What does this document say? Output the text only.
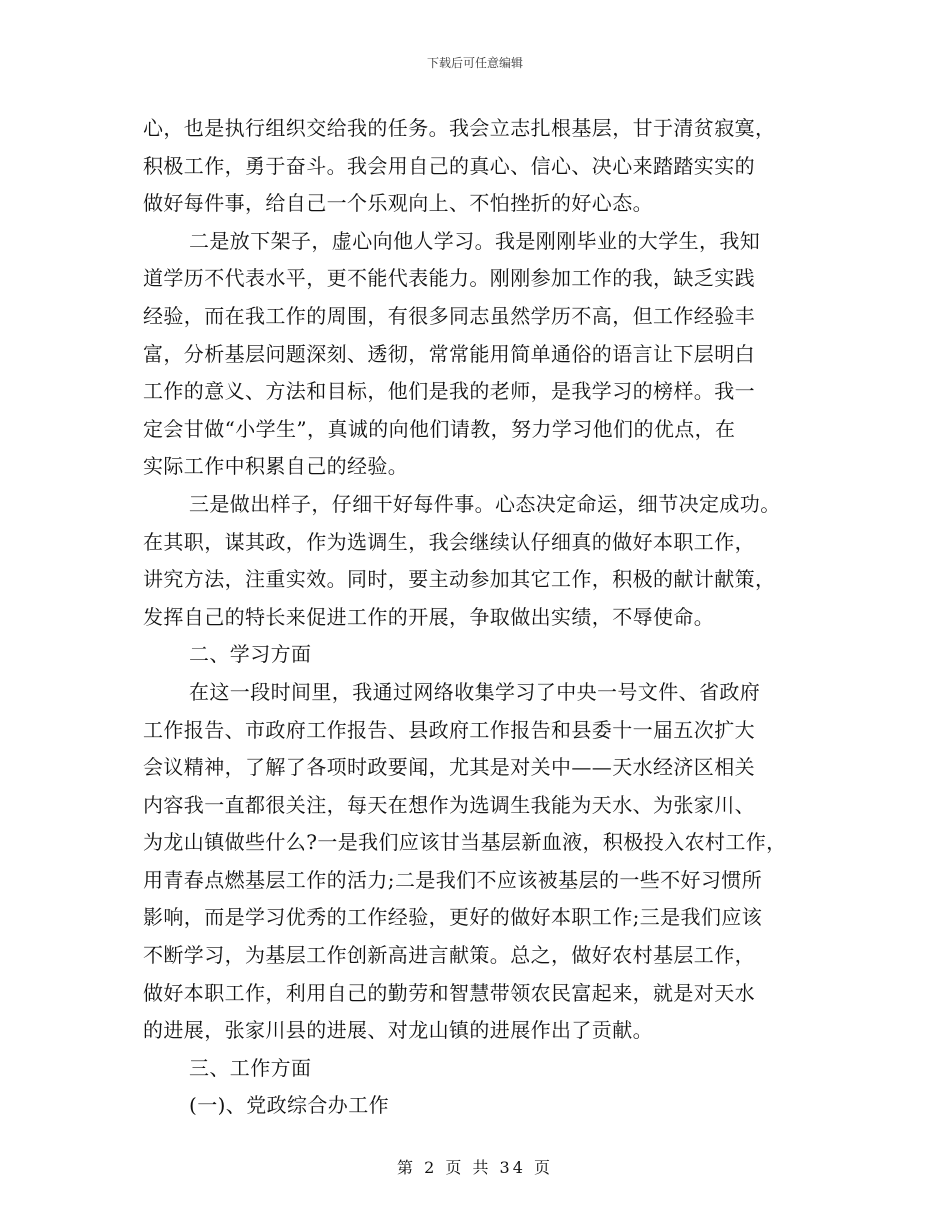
下载后可任意编辑
心，也是执行组织交给我的任务。我会立志扎根基层，甘于清贫寂寞，
积极工作，勇于奋斗。我会用自己的真心、信心、决心来踏踏实实的
做好每件事，给自己一个乐观向上、不怕挫折的好心态。
二是放下架子，虚心向他人学习。我是刚刚毕业的大学生，我知
道学历不代表水平，更不能代表能力。刚刚参加工作的我，缺乏实践
经验，而在我工作的周围，有很多同志虽然学历不高，但工作经验丰
富，分析基层问题深刻、透彻，常常能用简单通俗的语言让下层明白
工作的意义、方法和目标，他们是我的老师，是我学习的榜样。我一
定会甘做“小学生”，真诚的向他们请教，努力学习他们的优点，在
实际工作中积累自己的经验。
三是做出样子，仔细干好每件事。心态决定命运，细节决定成功。
在其职，谋其政，作为选调生，我会继续认仔细真的做好本职工作，
讲究方法，注重实效。同时，要主动参加其它工作，积极的献计献策，
发挥自己的特长来促进工作的开展，争取做出实绩，不辱使命。
二、学习方面
在这一段时间里，我通过网络收集学习了中央一号文件、省政府
工作报告、市政府工作报告、县政府工作报告和县委十一届五次扩大
会议精神，了解了各项时政要闻，尤其是对关中——天水经济区相关
内容我一直都很关注，每天在想作为选调生我能为天水、为张家川、
为龙山镇做些什么?一是我们应该甘当基层新血液，积极投入农村工作，
用青春点燃基层工作的活力;二是我们不应该被基层的一些不好习惯所
影响，而是学习优秀的工作经验，更好的做好本职工作;三是我们应该
不断学习，为基层工作创新高进言献策。总之，做好农村基层工作，
做好本职工作，利用自己的勤劳和智慧带领农民富起来，就是对天水
的进展，张家川县的进展、对龙山镇的进展作出了贡献。
三、工作方面
(一)、党政综合办工作
第 2 页 共 34 页
